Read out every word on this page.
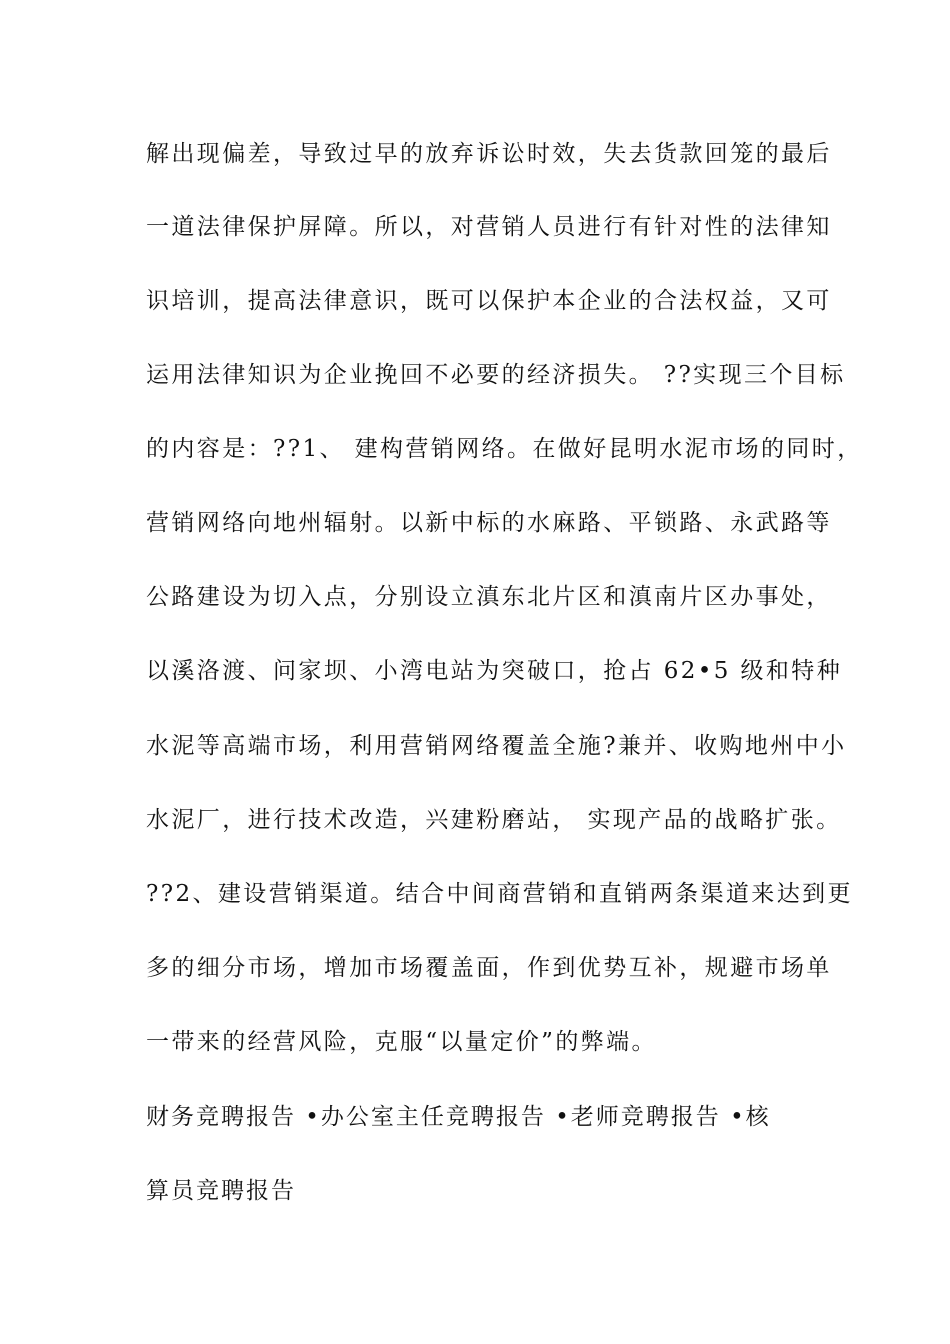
解出现偏差，导致过早的放弃诉讼时效，失去货款回笼的最后
一道法律保护屏障。所以，对营销人员进行有针对性的法律知
识培训，提高法律意识，既可以保护本企业的合法权益，又可
运用法律知识为企业挽回不必要的经济损失。 ??实现三个目标
的内容是：??1、 建构营销网络。在做好昆明水泥市场的同时，
营销网络向地州辐射。以新中标的水麻路、平锁路、永武路等
公路建设为切入点，分别设立滇东北片区和滇南片区办事处，
以溪洛渡、问家坝、小湾电站为突破口，抢占 62•5 级和特种
水泥等高端市场，利用营销网络覆盖全施?兼并、收购地州中小
水泥厂，进行技术改造，兴建粉磨站， 实现产品的战略扩张。
??2、建设营销渠道。结合中间商营销和直销两条渠道来达到更
多的细分市场，增加市场覆盖面，作到优势互补，规避市场单
一带来的经营风险，克服“以量定价”的弊端。
财务竞聘报告 •办公室主任竞聘报告 •老师竞聘报告 •核
算员竞聘报告
